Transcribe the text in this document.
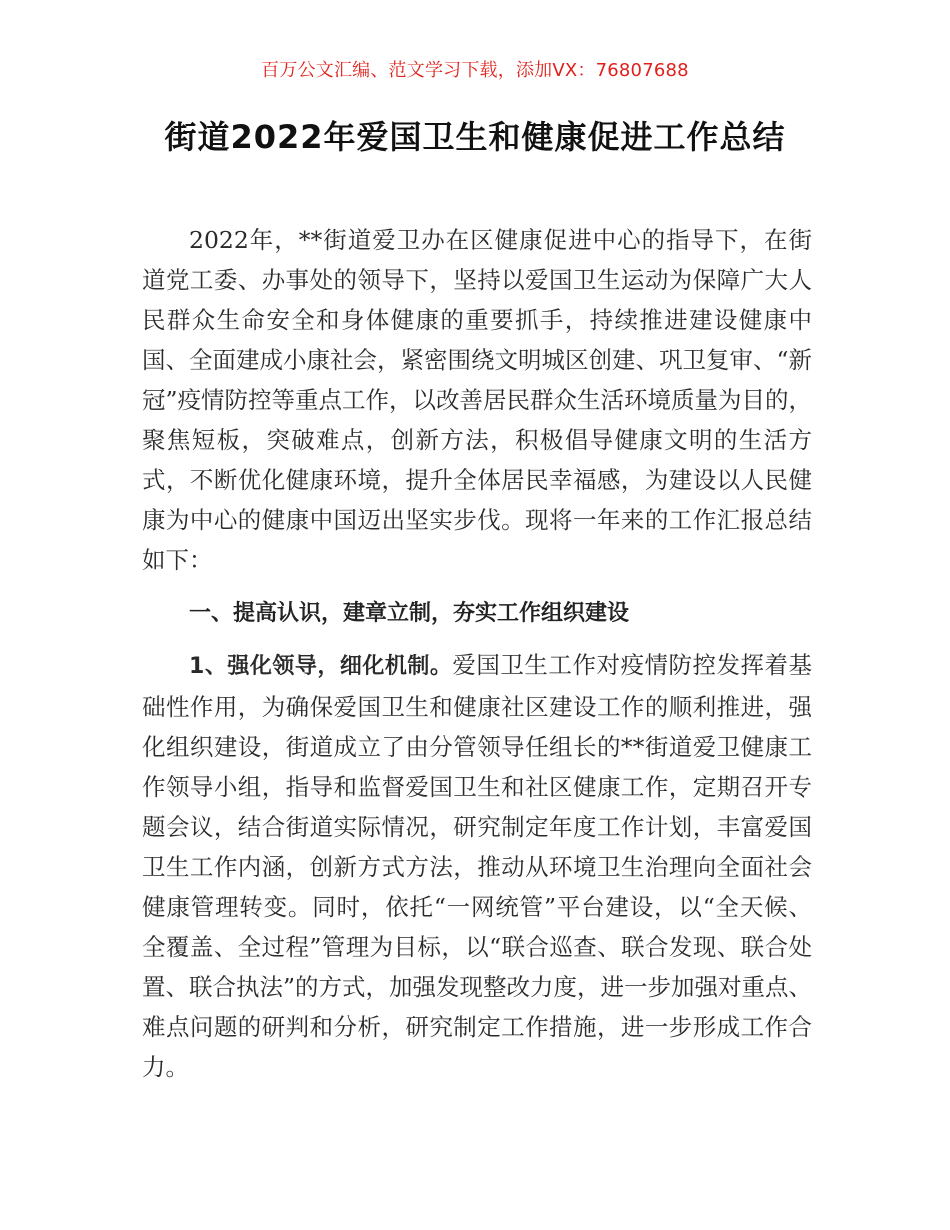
百万公文汇编、范文学习下载，添加VX：76807688
街道2022年爱国卫生和健康促进工作总结
2022年，**街道爱卫办在区健康促进中心的指导下，在街道党工委、办事处的领导下，坚持以爱国卫生运动为保障广大人民群众生命安全和身体健康的重要抓手，持续推进建设健康中国、全面建成小康社会，紧密围绕文明城区创建、巩卫复审、“新冠”疫情防控等重点工作，以改善居民群众生活环境质量为目的，聚焦短板，突破难点，创新方法，积极倡导健康文明的生活方式，不断优化健康环境，提升全体居民幸福感，为建设以人民健康为中心的健康中国迈出坚实步伐。现将一年来的工作汇报总结如下：
一、提高认识，建章立制，夯实工作组织建设
1、强化领导，细化机制。爱国卫生工作对疫情防控发挥着基础性作用，为确保爱国卫生和健康社区建设工作的顺利推进，强化组织建设，街道成立了由分管领导任组长的**街道爱卫健康工作领导小组，指导和监督爱国卫生和社区健康工作，定期召开专题会议，结合街道实际情况，研究制定年度工作计划，丰富爱国卫生工作内涵，创新方式方法，推动从环境卫生治理向全面社会健康管理转变。同时，依托“一网统管”平台建设，以“全天候、全覆盖、全过程”管理为目标，以“联合巡查、联合发现、联合处置、联合执法”的方式，加强发现整改力度，进一步加强对重点、难点问题的研判和分析，研究制定工作措施，进一步形成工作合力。
